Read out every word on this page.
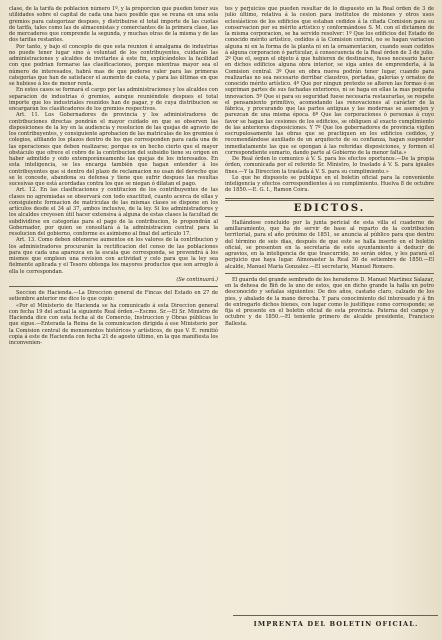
clase, de la tarifa de poblacion número 1º, y la proporcion que pueden tener sus utilidades sobre el capital de cada una hace posible que se reuna en una sola gremios para categorizar despues, y distribuirse el total importe de las cuotas de tarifa, tales como las de almacenistas y comerciantes de la primera clase, las de mercaderes que comprende la segunda, y muchas otras de la misma y de las dos tarifas restantes.

Por tanto, y bajo el concepto de que esta reunion é amalgama de industrias no puede tener lugar sino á voluntad de los contribuyentes, cuidarán las administraciones y alcaldes de invitarles á este fin, explicándoles la facilidad con que podrian formarse las clasificaciones, porque mientras mayor sea el número de interesados, habrá mas de que poderse valer para las primeras categorías que han de satisfacer el aumento de cuota, y para las últimas en que se hubiese á los de menor renta.

En estos casos se formará el cargo por las administraciones y los alcaldes con separacion de industrias ó gremios, aunque reuniéndole despues el total importe que los industriales reunidos han de pagar, y de cuya distribucion se encargarán los clasificadores de los gremios respectivos.

Art. 11. Los Gobernadores de provincia y los administradores de contribuciones directas pondrán el mayor cuidado en que se observen las disposiciones de la ley en la audiencia y resolucion de las quejas de agravio de los contribuyentes, y consiguiente aprobacion de las matrículas de los gremios ó colegios, afiliando los plazos dentro de los que corresponden para cada una de las operaciones que deben realizarse; porque es un hecho cierto que el mayor obstáculo que ofrece el cobro de la contribucion del subsidio tiene su origen en haber admitido y oido extemporáneamente las quejas de los interesados. En esta inteligencia, se les encarga también que hagan entender á los contribuyentes que si dentro del plazo de reclamacion no usan del derecho que se le concede, abandona su defensa y tiene que sufrir despues las resultas sucesivas que está acordadas contra los que se niegan ó dilatan el pago.

Art. 12. En las clasificaciones y contitucion de los contribuyentes de las clases no agremiadas se observará con todo exactitud, cuanto acerca de ellas y consiguiente formacion de matrículas de las mismas clases se dispone en los artículos desde el 34 al 37, ambos inclusive, de la ley. Si los administradores y los alcaldes creyesen útil hacer extensiva á alguna de estas clases la facultad de subdividirse en categorías para el pago de la contribucion, lo propondrán al Gobernador, por quien se consultará á la administracion central para la resolucion del gobierno, conforme es asimismo al final del artículo 17.

Art. 13. Como deben obtenerse aumentos en los valores de la contribucion y los administradores procurarán la rectificacion del censo de las poblaciones para que cada una aparezca en la escala que corresponda, se prevendrá á los mismos que empleen una revision con actividad y celo para que la ley sea fielmente aplicada y el Tesoro obtenga los mayores productos que son arreglo á ella le correspondan.

(Se continuará.)

Seccion de Hacienda.—La Direccion general de Fincas del Estado en 27 de setiembre anterior me dice lo que copio:

«Por el Ministerio de Hacienda se ha comunicado á esta Direccion general con fecha 19 del actual la siguiente Real órden.—Escmo. Sr.—El Sr. Ministro de Hacienda dice con esta fecha al de Comercio, Instruccion y Obras públicas lo que sigue.—Enterada la Reina de la comunicacion dirigida á ese Ministerio por la Comision central de monumentos históricos y artísticos, de que V. E. remitió copia á este de Hacienda con fecha 21 de agosto último, en la que manifiesta los inconvenien-

tes y perjuicios que pueden resultar de lo dispuesto en la Real órden de 3 de julio último, relativa á la cesion para institutos de misiones y otros usos eclesiásticos de los edificios que estaban cedidos á la citada Comision para su conservacion por su mérito artístico y conformándose S. M. con el dictámen de la misma corporacion, se ha servido resolver: 1º Que los edificios del Estado de conocido mérito artístico, cedidos á la Comision central, no se hagan variacion alguna ni en la forma de la planta ni en la ornamentacion, cuando sean cedidos á alguna corporacion ó particular, á consecuencia de la Real órden de 3 de julio. 2º Que el, segun el objeto á que hubieren de destinarse, fuese necesario hacer en dichos edificios alguna obra interior, se siga antes de emprenderla, á la Comision central. 3º Que en obra nueva podrán tener lugar, cuando para realizarlas no sea necesario derribar claustros, portadas, galerías y ornatos de conocido mérito artístico. 4º Que por ningun pretexto se alteren las formas ó se supriman partes de sus fachadas exteriores, ni se haga en ellas la mas pequeña innovacion. 5º Que si para su seguridad fuese necesaria restaurarlas, se respete el pensamiento primitivo, acomodando las renovaciones al carácter de la fábrica, y procurando que las partes antiguas y las modernas se asemejen y parezcan de una misma época. 6º Que las corporaciones ó personas á cuyo favor se hagan las cesiones de los edificios, se obliguen al exacto cumplimiento de las anteriores disposiciones. Y 7º Que los gobernadores de provincia vigilen escrupulosamente las obras que se practiquen en los edificios cedidos, y recomendándose auxiliado de un arquitecto de su confianza, hagan suspender inmediatamente las que se opongan á las referidas disposiciones, y formen el correspondiente sumario, dando parte al Gobierno de la menor falta.»

De Real órden lo comunico á V. S. para los efectos oportunos.—De la propia órden, comunicada por el referido Sr. Ministro, lo traslado á V. S. para iguales fines.—Y la Direccion la traslada á V. S. para su cumplimiento.»

Lo que he dispuesto se publique en el boletin oficial para la conveniente inteligencia y efectos correspondientes á su cumplimiento. Huelva 8 de octubre de 1850.—E. G. I., Ramon Coira.

EDICTOS.

Hallándose concluido por la junta pericial de esta villa el cuaderno de amillaramiento, que ha de servir de base al reparto de la contribucion territorial, para el año próximo de 1851, se anuncia al público para que dentro del término de seis dias, después de que este se halla inserto en el boletin oficial, se presenten en la secretaría de este ayuntamiento á deducir de agravios, en la inteligencia de que trascurrido, no serán oidos, y les parará el perjuicio que haya lugar. Almonaster la Real 30 de setiembre de 1850.—El alcalde, Manuel Maria Gonzalez.—El secretario, Manuel Romero.

El guarda del grande sembrado de los herederos D. Manuel Martinez Salazar, en la dehesa de Biñ de la uno de estos, que en dicho grande la halla un potro desconocido y señalas siguientes: De dos años, castaño claro, calzado de los pies, y abalado de la mano derecha. Y para conocimiento del interesado y á fin de entregarlo dichos bienes, con lugar como lo justifique como corresponde; se fija el presente en el boletin oficial de esta provincia. Paterna del campo y octubre y de 1850.—El teniente primero de alcalde presidente, Francisco Ballesta.

IMPRENTA DEL BOLETIN OFICIAL.
